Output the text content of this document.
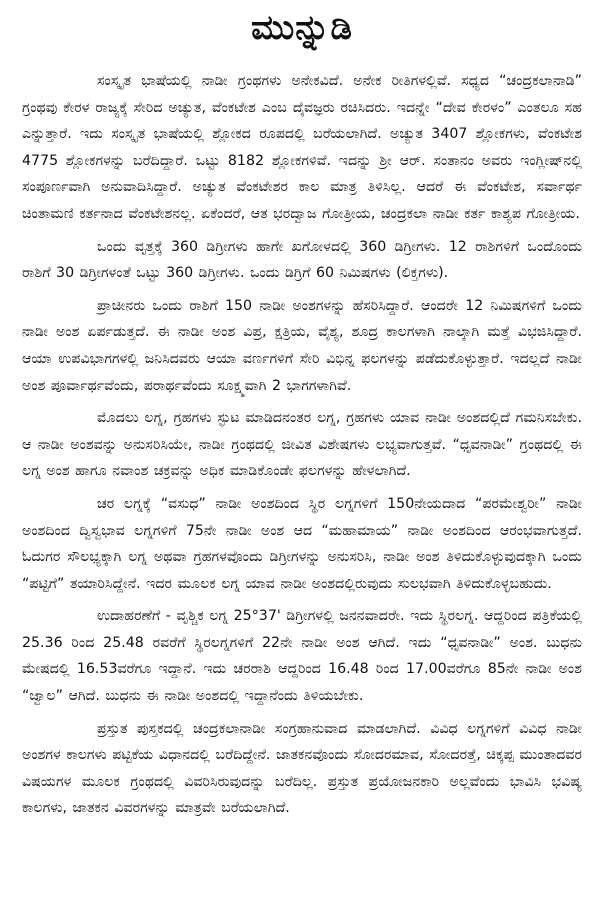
ಮುನ್ನುಡಿ

ಸಂಸ್ಕೃತ ಭಾಷೆಯಲ್ಲಿ ನಾಡೀ ಗ್ರಂಥಗಳು ಅನೇಕವಿದೆ. ಅನೇಕ ರೀತಿಗಳಲ್ಲಿವೆ. ಸಧ್ಯದ “ಚಂದ್ರಕಲಾನಾಡಿ” ಗ್ರಂಥವು ಕೇರಳ ರಾಜ್ಯಕ್ಕೆ ಸೇರಿದ ಅಚ್ಯುತ, ವೆಂಕಟೇಶ ಎಂಬ ದೈವಜ್ಞರು ರಚಿಸಿದರು. ಇದನ್ನೇ “ದೇವ ಕೇರಳಂ” ಎಂತಲೂ ಸಹ ಎನ್ನುತ್ತಾರೆ. ಇದು ಸಂಸ್ಕೃತ ಭಾಷೆಯಲ್ಲಿ ಶ್ಲೋಕದ ರೂಪದಲ್ಲಿ ಬರೆಯಲಾಗಿದೆ. ಅಚ್ಯುತ 3407 ಶ್ಲೋಕಗಳು, ವೆಂಕಟೇಶ 4775 ಶ್ಲೋಕಗಳನ್ನು ಬರೆದಿದ್ದಾರೆ. ಒಟ್ಟು 8182 ಶ್ಲೋಕಗಳಿವೆ. ಇದನ್ನು ಶ್ರೀ ಆರ್. ಸಂತಾನಂ ಅವರು ಇಂಗ್ಲೀಷ್‌ನಲ್ಲಿ ಸಂಪೂರ್ಣವಾಗಿ ಅನುವಾದಿಸಿದ್ದಾರೆ. ಅಚ್ಯುತ ವೆಂಕಟೇಶರ ಕಾಲ ಮಾತ್ರ ತಿಳಿಸಿಲ್ಲ. ಆದರೆ ಈ ವೆಂಕಟೇಶ, ಸರ್ವಾರ್ಥ ಚಿಂತಾಮಣಿ ಕರ್ತನಾದ ವೆಂಕಟೇಶನಲ್ಲ. ಏಕೆಂದರೆ, ಆತ ಭರದ್ವಾಜ ಗೋತ್ರೀಯ, ಚಂದ್ರಕಲಾ ನಾಡೀ ಕರ್ತ ಕಾಶ್ಯಪ ಗೋತ್ರೀಯ.

ಒಂದು ವೃತ್ತಕ್ಕೆ 360 ಡಿಗ್ರೀಗಳು ಹಾಗೇ ಖಗೋಳದಲ್ಲಿ 360 ಡಿಗ್ರೀಗಳು. 12 ರಾಶಿಗಳಿಗೆ ಒಂದೊಂದು ರಾಶಿಗೆ 30 ಡಿಗ್ರೀಗಳಂತೆ ಒಟ್ಟು 360 ಡಿಗ್ರೀಗಳು. ಒಂದು ಡಿಗ್ರಿಗೆ 60 ನಿಮಿಷಗಳು (ಲಿಕ್ತಗಳು).

ಪ್ರಾಚೀನರು ಒಂದು ರಾಶಿಗೆ 150 ನಾಡೀ ಅಂಶಗಳನ್ನು ಹೆಸರಿಸಿದ್ದಾರೆ. ಆಂದರೇ 12 ನಿಮಿಷಗಳಿಗೆ ಒಂದು ನಾಡೀ ಅಂಶ ಏರ್ಪಡುತ್ತದೆ. ಈ ನಾಡೀ ಅಂಶ ವಿಪ್ರ, ಕ್ಷತ್ರಿಯ, ವೈಶ್ಯ, ಶೂದ್ರ ಕಾಲಗಳಾಗಿ ನಾಲ್ಕಾಗಿ ಮತ್ತೆ ವಿಭಜಿಸಿದ್ದಾರೆ. ಆಯಾ ಉಪವಿಭಾಗಗಳಲ್ಲಿ ಜನಿಸಿದವರು ಆಯಾ ವರ್ಣಗಳಿಗೆ ಸೇರಿ ವಿಭಿನ್ನ ಫಲಗಳನ್ನು ಪಡೆದುಕೊಳ್ಳುತ್ತಾರೆ. ಇದಲ್ಲದೆ ನಾಡೀ ಅಂಶ ಪೂರ್ವಾರ್ಥವೆಂದು, ಪರಾರ್ಥವೆಂದು ಸೂಕ್ಷ್ಮವಾಗಿ 2 ಭಾಗಗಳಾಗಿವೆ.

ಮೊದಲು ಲಗ್ನ, ಗ್ರಹಗಳು ಸ್ಫುಟ ಮಾಡಿದನಂತರ ಲಗ್ನ, ಗ್ರಹಗಳು ಯಾವ ನಾಡೀ ಅಂಶದಲ್ಲಿದೆ ಗಮನಿಸಬೇಕು. ಆ ನಾಡೀ ಅಂಶವನ್ನು ಅನುಸರಿಸಿಯೇ, ನಾಡೀ ಗ್ರಂಥದಲ್ಲಿ ಜೀವಿತ ವಿಶೇಷಗಳು ಲಭ್ಯವಾಗುತ್ತವೆ. “ಧೃವನಾಡೀ” ಗ್ರಂಥದಲ್ಲಿ ಈ ಲಗ್ನ ಅಂಶ ಹಾಗೂ ನವಾಂಶ ಚಕ್ರವನ್ನು ಅಧಿಕ ಮಾಡಿಕೊಂಡೇ ಫಲಗಳನ್ನು ಹೇಳಲಾಗಿದೆ.

ಚರ ಲಗ್ನಕ್ಕೆ “ವಸುಧ” ನಾಡೀ ಅಂಶದಿಂದ ಸ್ಥಿರ ಲಗ್ನಗಳಿಗೆ 150ನೇಯದಾದ “ಪರಮೇಶ್ವರೀ” ನಾಡೀ ಅಂಶದಿಂದ ದ್ವಿಸ್ವಭಾವ ಲಗ್ನಗಳಿಗೆ 75ನೇ ನಾಡೀ ಅಂಶ ಆದ “ಮಹಾಮಾಯ” ನಾಡೀ ಅಂಶದಿಂದ ಆರಂಭವಾಗುತ್ತದೆ. ಓದುಗರ ಸೌಲಭ್ಯಕ್ಕಾಗಿ ಲಗ್ನ ಅಥವಾ ಗ್ರಹಗಳವೊಂದು ಡಿಗ್ರೀಗಳನ್ನು ಅನುಸರಿಸಿ, ನಾಡೀ ಅಂಶ ತಿಳಿದುಕೊಳ್ಳುವುದಕ್ಕಾಗಿ ಒಂದು “ಪಟ್ಟಿಗೆ” ತಯಾರಿಸಿದ್ದೇನೆ. ಇದರ ಮೂಲಕ ಲಗ್ನ ಯಾವ ನಾಡೀ ಅಂಶದಲ್ಲಿರುವುದು ಸುಲಭವಾಗಿ ತಿಳಿದುಕೊಳ್ಳಬಹುದು.

ಉದಾಹರಣೆಗೆ - ವೃಶ್ಚಿಕ ಲಗ್ನ 25°37' ಡಿಗ್ರೀಗಳಲ್ಲಿ ಜನನವಾದರೇ. ಇದು ಸ್ಥಿರಲಗ್ನ. ಆದ್ದರಿಂದ ಪತ್ರಿಕೆಯಲ್ಲಿ 25.36 ರಿಂದ 25.48 ರವರೆಗೆ ಸ್ಥಿರಲಗ್ನಗಳಿಗೆ 22ನೇ ನಾಡೀ ಅಂಶ ಆಗಿದೆ. ಇದು “ಧೃವನಾಡೀ” ಅಂಶ. ಬುಧನು ಮೇಷದಲ್ಲಿ 16.53ವರೆಗೂ ಇದ್ದಾನೆ. ಇದು ಚರರಾಶಿ ಆದ್ದರಿಂದ 16.48 ರಿಂದ 17.00ವರೆಗೂ 85ನೇ ನಾಡೀ ಅಂಶ “ಜ್ವಾಲ” ಆಗಿದೆ. ಬುಧನು ಈ ನಾಡೀ ಅಂಶದಲ್ಲಿ ಇದ್ದಾನೆಂದು ತಿಳಿಯಬೇಕು.

ಪ್ರಸ್ತುತ ಪುಸ್ತಕದಲ್ಲಿ ಚಂದ್ರಕಲಾನಾಡೀ ಸಂಗ್ರಹಾನುವಾದ ಮಾಡಲಾಗಿದೆ. ವಿವಿಧ ಲಗ್ನಗಳಿಗೆ ವಿವಿಧ ನಾಡೀ ಅಂಶಗಳ ಕಾಲಗಳು ಪಟ್ಟಿಕೆಯ ವಿಧಾನದಲ್ಲಿ ಬರೆದಿದ್ದೇನೆ. ಜಾತಕನವೊಂದು ಸೋದರಮಾವ, ಸೋದರತ್ತೆ, ಚಿಕ್ಕಪ್ಪ ಮುಂತಾದವರ ವಿಷಯಗಳ ಮೂಲಕ ಗ್ರಂಥದಲ್ಲಿ ವಿವರಿಸಿರುವುದನ್ನು ಬರೆದಿಲ್ಲ. ಪ್ರಸ್ತುತ ಪ್ರಯೋಜನಕಾರಿ ಅಲ್ಲವೆಂದು ಭಾವಿಸಿ ಭವಿಷ್ಯ ಕಾಲಗಳು, ಜಾತಕನ ವಿವರಗಳನ್ನು ಮಾತ್ರವೇ ಬರೆಯಲಾಗಿದೆ.
